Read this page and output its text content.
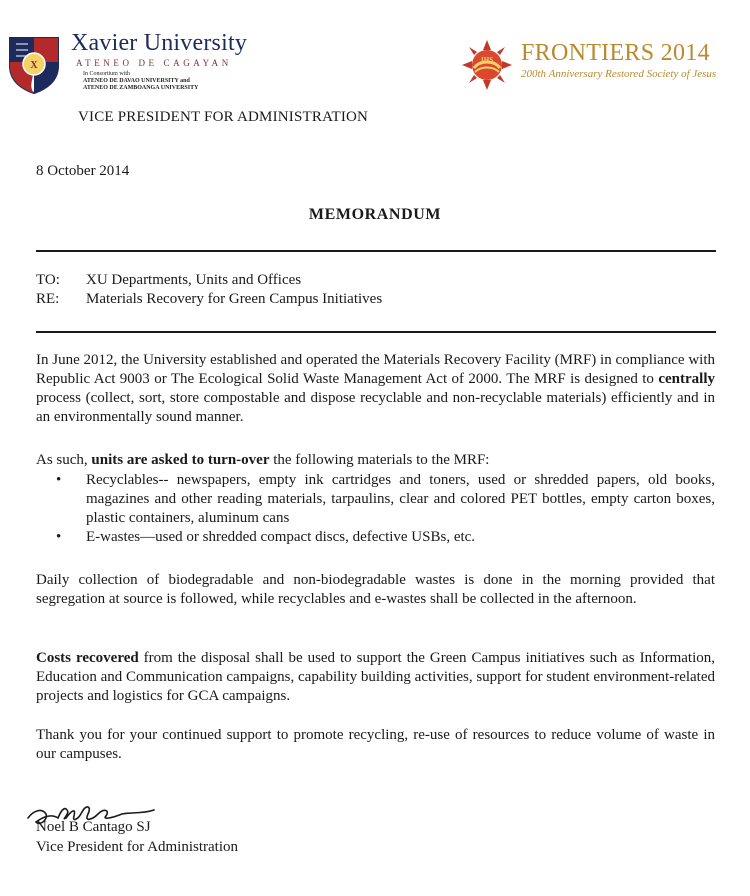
X
Xavier University
ATENEO DE CAGAYAN
In Consortium with
ATENEO DE DAVAO UNIVERSITY and
ATENEO DE ZAMBOANGA UNIVERSITY
VICE PRESIDENT FOR ADMINISTRATION
IHS FRONTIERS 2014
200th Anniversary Restored Society of Jesus
8 October 2014
MEMORANDUM
TO: XU Departments, Units and Offices
RE: Materials Recovery for Green Campus Initiatives

In June 2012, the University established and operated the Materials Recovery Facility (MRF) in compliance with Republic Act 9003 or The Ecological Solid Waste Management Act of 2000. The MRF is designed to centrally process (collect, sort, store compostable and dispose recyclable and non-recyclable materials) efficiently and in an environmentally sound manner.

As such, units are asked to turn-over the following materials to the MRF:

• Recyclables-- newspapers, empty ink cartridges and toners, used or shredded papers, old books, magazines and other reading materials, tarpaulins, clear and colored PET bottles, empty carton boxes, plastic containers, aluminum cans
• E-wastes—used or shredded compact discs, defective USBs, etc.

Daily collection of biodegradable and non-biodegradable wastes is done in the morning provided that segregation at source is followed, while recyclables and e-wastes shall be collected in the afternoon.

Costs recovered from the disposal shall be used to support the Green Campus initiatives such as Information, Education and Communication campaigns, capability building activities, support for student environment-related projects and logistics for GCA campaigns.

Thank you for your continued support to promote recycling, re-use of resources to reduce volume of waste in our campuses.

Noel B Cantago SJ
Vice President for Administration
